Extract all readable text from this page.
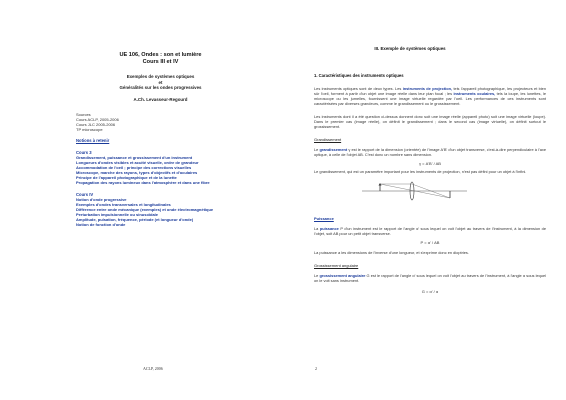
UE 106, Ondes : son et lumière
Cours III et IV
Exemples de systèmes optiques
et
Généralités sur les ondes progressives
A.Ch. Levasseur-Regourd
Sources
Cours ACLP, 2005-2006
Cours JLC 2005-2006
TP microscope
Notions à retenir
Cours 3
Grandissement, puissance et grossissement d'un instrument
Longueurs d'ondes visibles et acuité visuelle, ordre de grandeur
Accommodation de l'oeil ; principe des corrections visuelles
Microscope, marche des rayons, types d'objectifs et d'oculaires
Principe de l'appareil photographique et de la lunette
Propagation des rayons lumineux dans l'atmosphère et dans une fibre
Cours IV
Notion d'onde progressive
Exemples d'ondes transversales et longitudinales
Différence entre onde mécanique (exemples) et onde électromagnétique
Perturbation impulsionnelle ou sinusoïdale
Amplitude, pulsation, fréquence, période (et longueur d'onde)
Notion de fonction d'onde
III. Exemple de systèmes optiques
1. Caractéristiques des instruments optiques
Les instruments optiques sont de deux types. Les instruments de projection, tels l'appareil photographique, les projecteurs et bien sûr l'oeil, forment à partir d'un objet une image réelle dans leur plan focal ; les instruments oculaires, tels la loupe, les lunettes, le microscope ou les jumelles, fournissent une image virtuelle regardée par l'oeil. Les performances de ces instruments sont caractérisées par diverses grandeurs, comme le grandissement ou le grossissement.
Les instruments dont il a été question ci-dessus donnent donc soit une image réelle (appareil photo) soit une image virtuelle (loupe). Dans le premier cas (image réelle), on définit le grandissement ; dans le second cas (image virtuelle), on définit surtout le grossissement.
Grandissement
Le grandissement γ est le rapport de la dimension (orientée) de l'image A'B' d'un objet transverse, c'est-à-dire perpendiculaire à l'axe optique, à celle de l'objet AB. C'est donc un nombre sans dimension.
γ = A'B' / AB
Le grandissement, qui est un paramètre important pour les instruments de projection, n'est pas défini pour un objet à l'infini.
Puissance
La puissance P d'un instrument est le rapport de l'angle α' sous lequel on voit l'objet au travers de l'instrument, à la dimension de l'objet, soit AB pour un petit objet transverse.
P = α' / AB
La puissance a les dimensions de l'inverse d'une longueur, et s'exprime donc en dioptries.
Grossissement angulaire
Le grossissement angulaire G est le rapport de l'angle α' sous lequel on voit l'objet au travers de l'instrument, à l'angle α sous lequel on le voit sans instrument.
G = α' / α
ACLP, 2006	2
